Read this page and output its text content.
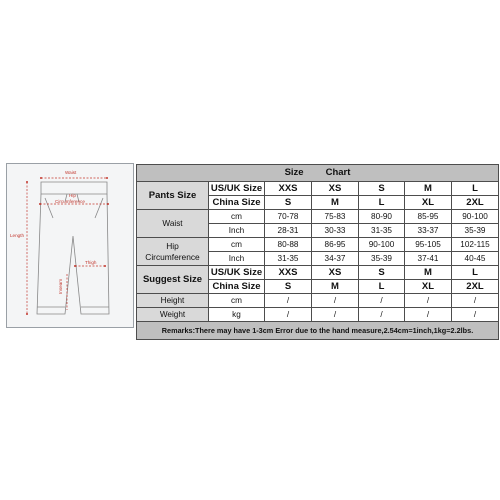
Waist
Hip
Circumference
Length
Thigh
Inseam
Size Chart						
Pants Size	US/UK Size	XXS	XS	S	M	L
	China Size	S	M	L	XL	2XL
Waist	cm	70-78	75-83	80-90	85-95	90-100
	Inch	28-31	30-33	31-35	33-37	35-39

Hip
Circumference	cm	80-88	86-95	90-100	95-105	102-115
	Inch	31-35	34-37	35-39	37-41	40-45
Suggest Size	US/UK Size	XXS	XS	S	M	L
	China Size	S	M	L	XL	2XL
Height	cm	/	/	/	/	/
Weight	kg	/	/	/	/	/
Remarks:There may have 1-3cm Error due to the hand measure,2.54cm=1inch,1kg=2.2lbs.						
